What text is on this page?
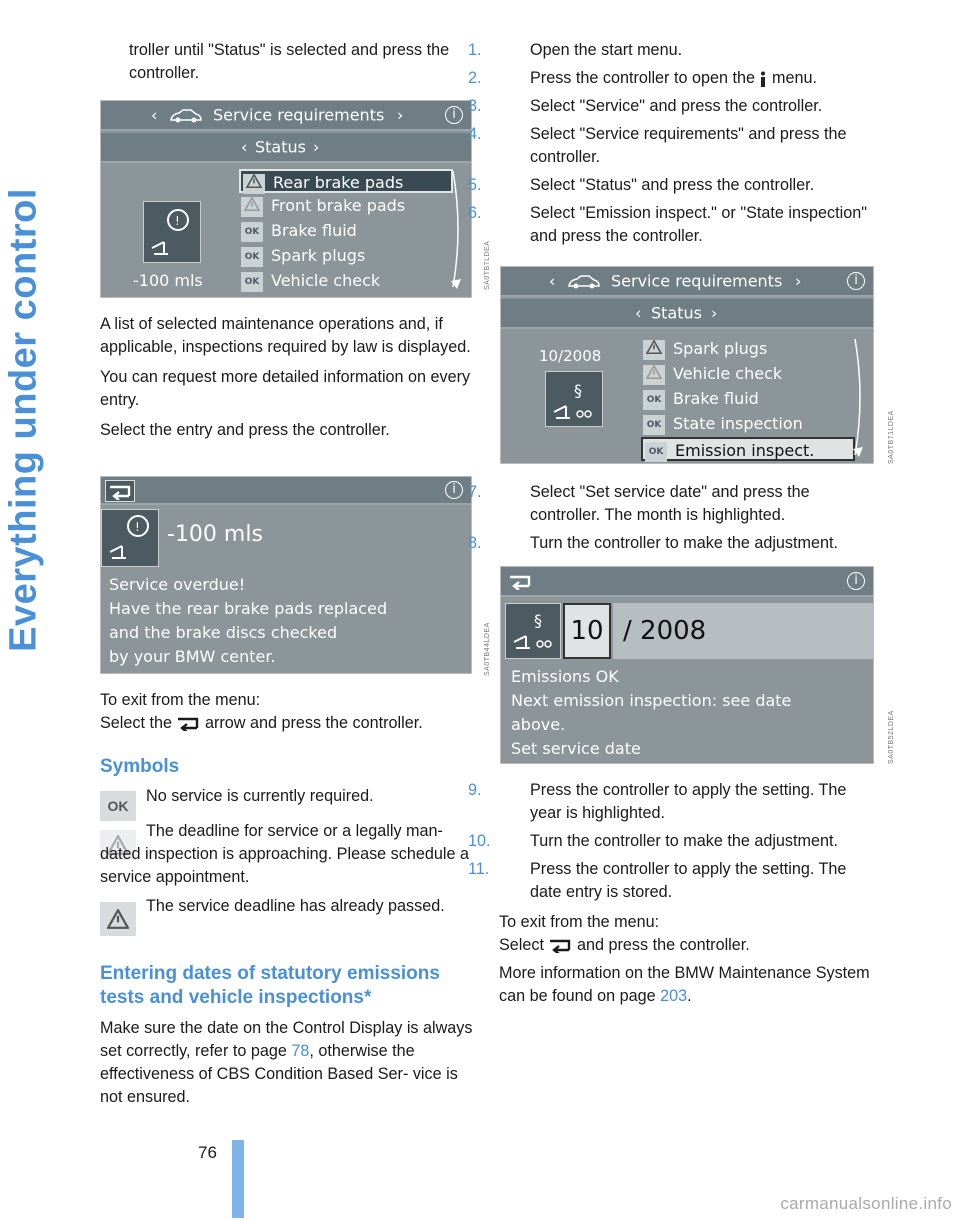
Everything under control

troller until "Status" is selected and press the controller.

‹	Service requirements ›	i
‹ Status ›
!
-100 mls
Rear brake pads
Front brake pads
OK Brake fluid
OK Spark plugs
OK Vehicle check	SA0TB7LDEA

A list of selected maintenance operations and, if applicable, inspections required by law is displayed.

You can request more detailed information on every entry.

Select the entry and press the controller.

i
! -100 mls
Service overdue!
Have the rear brake pads replaced
and the brake discs checked
by your BMW center.	SA0TB44LDEA
To exit from the menu:
Select the arrow and press the controller.
Symbols
OK
No service is currently required.
The deadline for service or a legally man- dated inspection is approaching. Please schedule a service appointment.
The service deadline has already passed.
Entering dates of statutory emissions tests and vehicle inspections*
Make sure the date on the Control Display is always set correctly, refer to page 78, otherwise the effectiveness of CBS Condition Based Ser- vice is not ensured.
1.	Open the start menu.
2.	Press the controller to open the menu.
3.	Select "Service" and press the controller.
4.	Select "Service requirements" and press the controller.
5.	Select "Status" and press the controller.
6.	Select "Emission inspect." or "State inspection" and press the controller.
‹	Service requirements ›	i
‹ Status ›
10/2008
§
Spark plugs
Vehicle check
OK Brake fluid
OK State inspection
OK Emission inspect.	SA0TB71LDEA
7.	Select "Set service date" and press the controller. The month is highlighted.
8.	Turn the controller to make the adjustment.
i
§ 10 / 2008
Emissions OK
Next emission inspection: see date
above.
Set service date	SA0TB52LDEA
9.	Press the controller to apply the setting. The year is highlighted.
10. Turn the controller to make the adjustment.
11.	Press the controller to apply the setting. The date entry is stored.
To exit from the menu:
Select and press the controller.
More information on the BMW Maintenance System can be found on page 203.
76
carmanualsonline.info
